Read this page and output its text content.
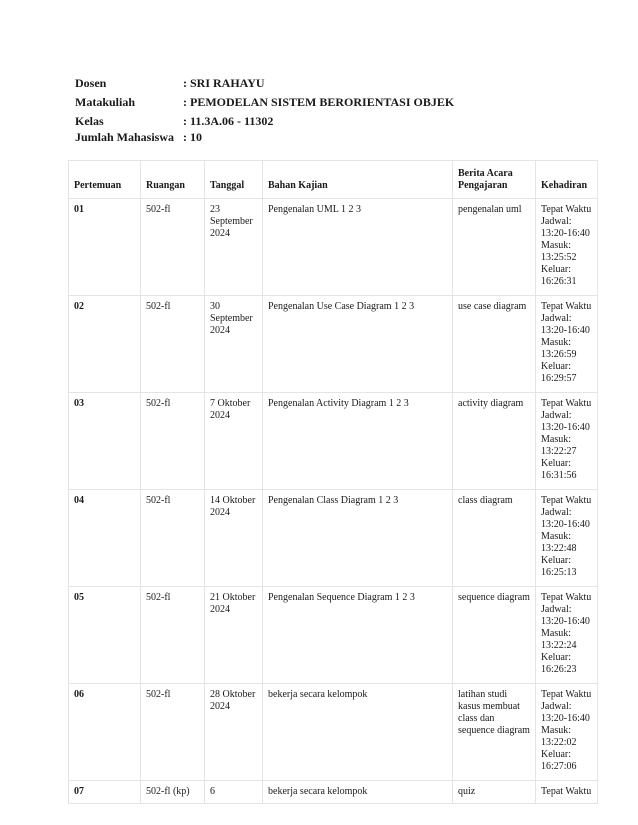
Dosen	: SRI RAHAYU
Matakuliah	: PEMODELAN SISTEM BERORIENTASI OBJEK
Kelas	: 11.3A.06 - 11302
Jumlah Mahasiswa : 10
Pertemuan	Ruangan	Tanggal	Bahan Kajian	Berita Acara Pengajaran	Kehadiran
01	502-fl	23 September 2024	Pengenalan UML 1 2 3	pengenalan uml	Tepat Waktu Jadwal: 13:20-16:40 Masuk: 13:25:52 Keluar: 16:26:31
02	502-fl	30 September 2024	Pengenalan Use Case Diagram 1 2 3	use case diagram	Tepat Waktu Jadwal: 13:20-16:40 Masuk: 13:26:59 Keluar: 16:29:57
03	502-fl	7 Oktober 2024	Pengenalan Activity Diagram 1 2 3	activity diagram	Tepat Waktu Jadwal: 13:20-16:40 Masuk: 13:22:27 Keluar: 16:31:56
04	502-fl	14 Oktober 2024	Pengenalan Class Diagram 1 2 3	class diagram	Tepat Waktu Jadwal: 13:20-16:40 Masuk: 13:22:48 Keluar: 16:25:13
05	502-fl	21 Oktober 2024	Pengenalan Sequence Diagram 1 2 3	sequence diagram	Tepat Waktu Jadwal: 13:20-16:40 Masuk: 13:22:24 Keluar: 16:26:23
06	502-fl	28 Oktober 2024	bekerja secara kelompok	latihan studi kasus membuat class dan sequence diagram	Tepat Waktu Jadwal: 13:20-16:40 Masuk: 13:22:02 Keluar: 16:27:06
07	502-fl (kp)	6	bekerja secara kelompok	quiz	Tepat Waktu
